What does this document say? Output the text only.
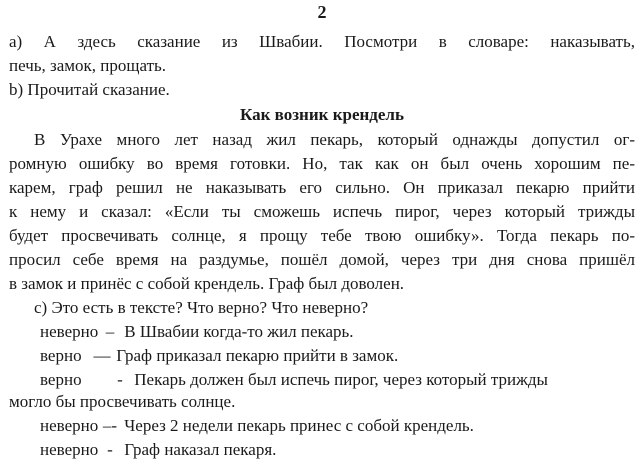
2
а) А здесь сказание из Швабии. Посмотри в словаре: наказывать,
печь, замок, прощать.
b) Прочитай сказание.
Как возник крендель
В Урахе много лет назад жил пекарь, который однажды допустил ог-
ромную ошибку во время готовки. Но, так как он был очень хорошим пе-
карем, граф решил не наказывать его сильно. Он приказал пекарю прийти
к нему и сказал: «Если ты сможешь испечь пирог, через который трижды
будет просвечивать солнце, я прощу тебе твою ошибку». Тогда пекарь по-
просил себе время на раздумье, пошёл домой, через три дня снова пришёл
в замок и принёс с собой крендель. Граф был доволен.
с) Это есть в тексте? Что верно? Что неверно?
неверно – В Швабии когда-то жил пекарь.
верно — Граф приказал пекарю прийти в замок.
верно - Пекарь должен был испечь пирог, через который трижды
могло бы просвечивать солнце.
неверно –- Через 2 недели пекарь принес с собой крендель.
неверно - Граф наказал пекаря.
